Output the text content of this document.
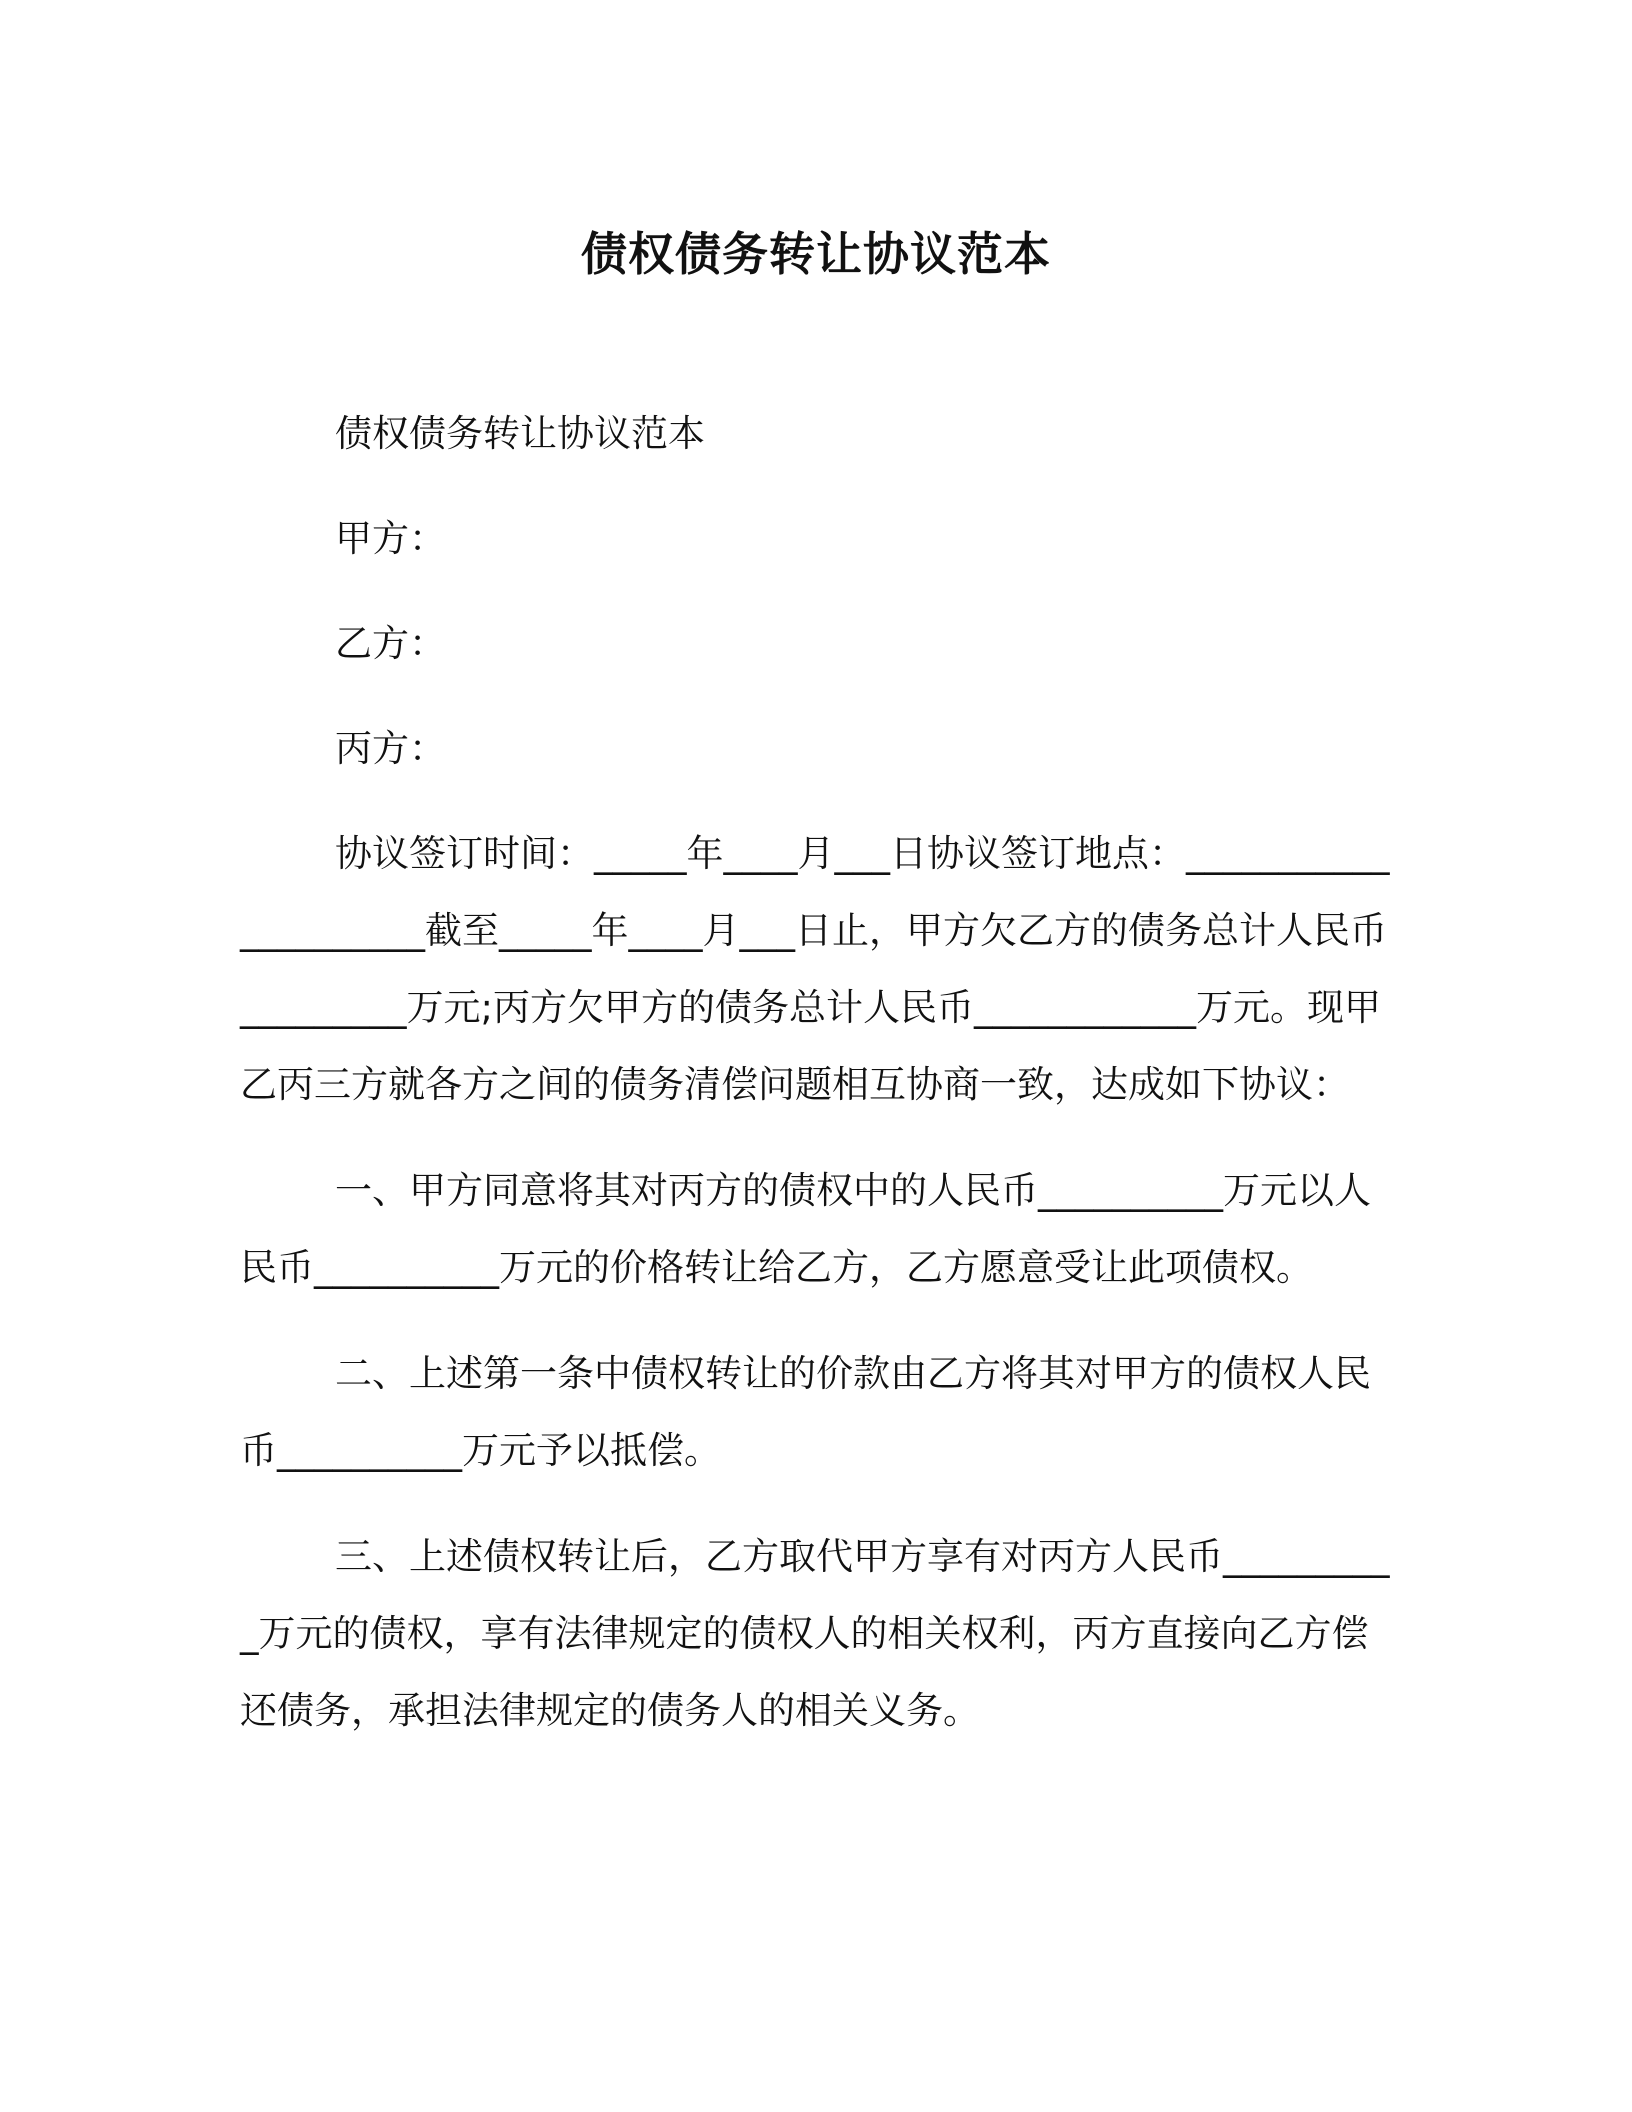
债权债务转让协议范本

债权债务转让协议范本

甲方：

乙方：

丙方：

协议签订时间：_____年____月___日协议签订地点：_____________________截至_____年____月___日止，甲方欠乙方的债务总计人民币_________万元;丙方欠甲方的债务总计人民币____________万元。现甲乙丙三方就各方之间的债务清偿问题相互协商一致，达成如下协议：

一、甲方同意将其对丙方的债权中的人民币__________万元以人民币__________万元的价格转让给乙方，乙方愿意受让此项债权。

二、上述第一条中债权转让的价款由乙方将其对甲方的债权人民币__________万元予以抵偿。

三、上述债权转让后，乙方取代甲方享有对丙方人民币__________万元的债权，享有法律规定的债权人的相关权利，丙方直接向乙方偿还债务，承担法律规定的债务人的相关义务。
